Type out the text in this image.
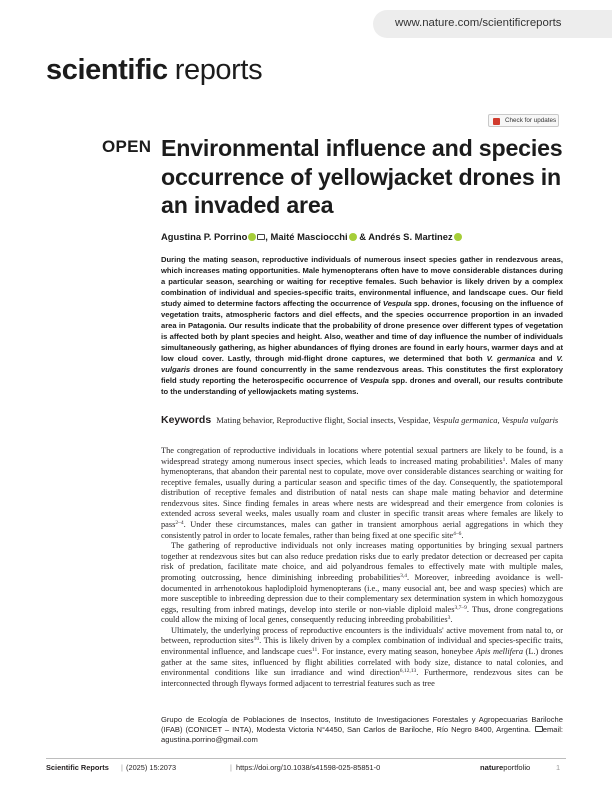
www.nature.com/scientificreports
scientific reports
Check for updates
OPEN Environmental influence and species occurrence of yellowjacket drones in an invaded area
Agustina P. Porrino , Maité Masciocchi & Andrés S. Martinez

During the mating season, reproductive individuals of numerous insect species gather in rendezvous areas, which increases mating opportunities. Male hymenopterans often have to move considerable distances during a particular season, searching or waiting for receptive females. Such behavior is likely driven by a complex combination of individual and species-specific traits, environmental influence, and landscape cues. Our field study aimed to determine factors affecting the occurrence of Vespula spp. drones, focusing on the influence of vegetation traits, atmospheric factors and diel effects, and the species occurrence proportion in an invaded area in Patagonia. Our results indicate that the probability of drone presence over different types of vegetation is affected both by plant species and height. Also, weather and time of day influence the number of individuals simultaneously gathering, as higher abundances of flying drones are found in early hours, warmer days and at low cloud cover. Lastly, through mid-flight drone captures, we determined that both V. germanica and V. vulgaris drones are found concurrently in the same rendezvous areas. This constitutes the first exploratory field study reporting the heterospecific occurrence of Vespula spp. drones and overall, our results contribute to the understanding of yellowjackets mating systems.

Keywords Mating behavior, Reproductive flight, Social insects, Vespidae, Vespula germanica, Vespula vulgaris

The congregation of reproductive individuals in locations where potential sexual partners are likely to be found, is a widespread strategy among numerous insect species, which leads to increased mating probabilities$^1$. Males of many hymenopterans, that abandon their parental nest to copulate, move over considerable distances searching or waiting for receptive females, usually during a particular season and specific times of the day. Consequently, the spatiotemporal distribution of receptive females and distribution of natal nests can shape male mating behavior and determine rendezvous sites. Since finding females in areas where nests are widespread and their emergence from colonies is extended across several weeks, males usually roam and cluster in specific transit areas where females are likely to pass$^{2-4}$. Under these circumstances, males can gather in transient amorphous aerial aggregations in which they consistently patrol in order to locate females, rather than being fixed at one specific site$^{4-6}$.

The gathering of reproductive individuals not only increases mating opportunities by bringing sexual partners together at rendezvous sites but can also reduce predation risks due to early predator detection or decreased per capita risk of predation, facilitate mate choice, and aid polyandrous females to effectively mate with multiple males, promoting outcrossing, hence diminishing inbreeding probabilities$^{3,4}$. Moreover, inbreeding avoidance is well-documented in arrhenotokous haplodiploid hymenopterans (i.e., many eusocial ant, bee and wasp species) which are more susceptible to inbreeding depression due to their complementary sex determination system in which homozygous eggs, resulting from inbred matings, develop into sterile or non-viable diploid males$^{3,7-9}$. Thus, drone congregations could allow the mixing of local genes, consequently reducing inbreeding probabilities$^3$.

Ultimately, the underlying process of reproductive encounters is the individuals' active movement from natal to, or between, reproduction sites$^{10}$. This is likely driven by a complex combination of individual and species-specific traits, environmental influence, and landscape cues$^{11}$. For instance, every mating season, honeybee Apis mellifera (L.) drones gather at the same sites, influenced by flight abilities correlated with body size, distance to natal colonies, and environmental conditions like sun irradiance and wind direction$^{6,12,13}$. Furthermore, rendezvous sites can be interconnected through flyways formed adjacent to terrestrial features such as tree

Grupo de Ecología de Poblaciones de Insectos, Instituto de Investigaciones Forestales y Agropecuarias Bariloche (IFAB) (CONICET – INTA), Modesta Victoria N°4450, San Carlos de Bariloche, Río Negro 8400, Argentina. email: agustina.porrino@gmail.com
Scientific Reports | (2025) 15:2073	| https://doi.org/10.1038/s41598-025-85851-0	natureportfolio	1
